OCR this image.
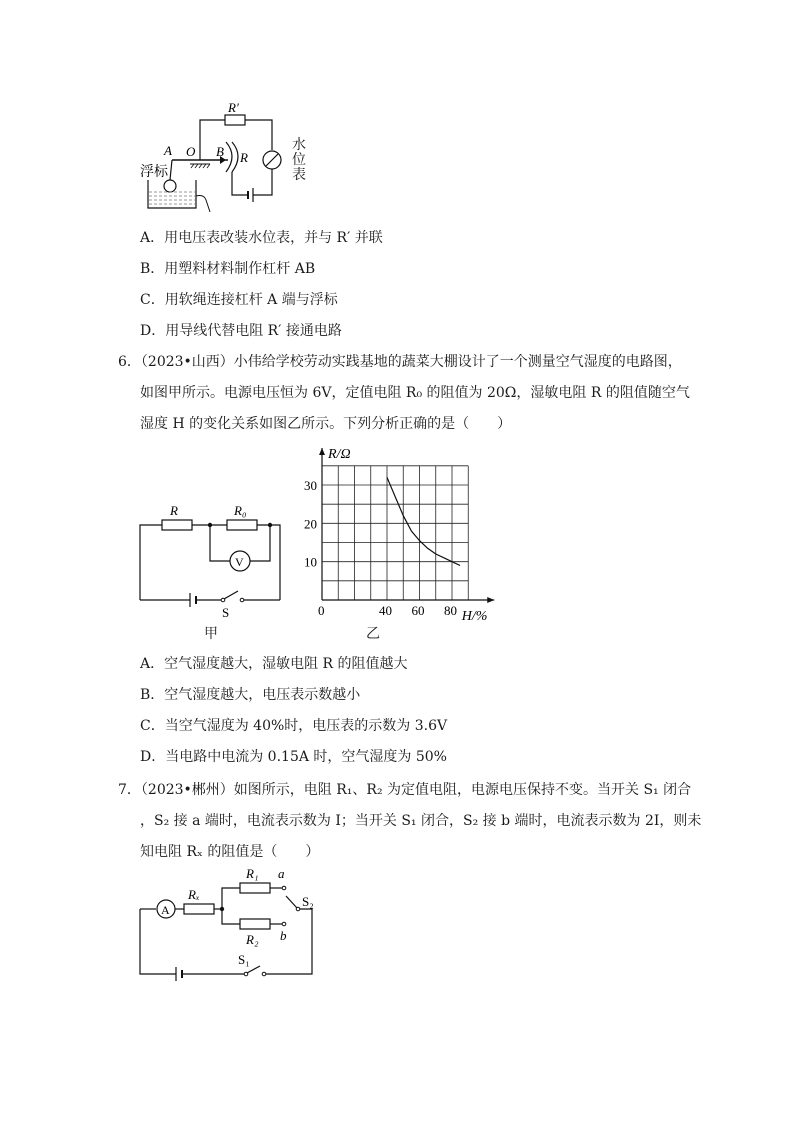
R′
R
A O B
浮标
水位表
A．用电压表改装水位表，并与 R′ 并联
B．用塑料材料制作杠杆 AB
C．用软绳连接杠杆 A 端与浮标
D．用导线代替电阻 R′ 接通电路
6．（2023•山西）小伟给学校劳动实践基地的蔬菜大棚设计了一个测量空气湿度的电路图，
如图甲所示。电源电压恒为 6V，定值电阻 R₀ 的阻值为 20Ω，湿敏电阻 R 的阻值随空气
湿度 H 的变化关系如图乙所示。下列分析正确的是（　　）
V
R	R₀
S
甲
0	40 60 80
10
20
30
H/%
R/Ω
乙
A．空气湿度越大，湿敏电阻 R 的阻值越大
B．空气湿度越大，电压表示数越小
C．当空气湿度为 40%时，电压表的示数为 3.6V
D．当电路中电流为 0.15A 时，空气湿度为 50%
7．（2023•郴州）如图所示，电阻 R₁、R₂ 为定值电阻，电源电压保持不变。当开关 S₁ 闭合
，S₂ 接 a 端时，电流表示数为 I；当开关 S₁ 闭合，S₂ 接 b 端时，电流表示数为 2I，则未
知电阻 Rₓ 的阻值是（　　）
A
Rₓ
R₁ a
R₂ b
S₂
S₁
